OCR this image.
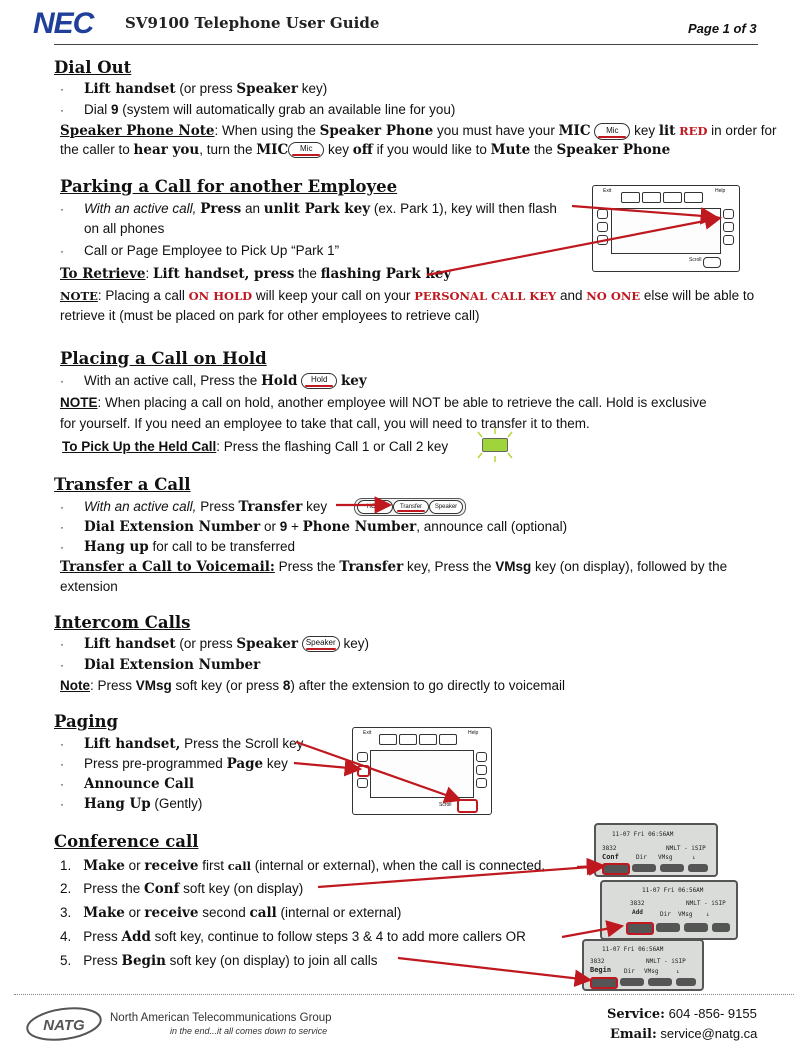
NEC SV9100 Telephone User Guide	Page 1 of 3
Dial Out
· Lift handset (or press Speaker key)
· Dial 9 (system will automatically grab an available line for you)
Speaker Phone Note: When using the Speaker Phone you must have your MIC Mic
key lit RED in order for
the caller to hear you, turn the MIC Mic
key off if you would like to Mute the Speaker Phone
Parking a Call for another Employee
· With an active call, Press an unlit Park key (ex. Park 1), key will then flash
on all phones
· Call or Page Employee to Pick Up “Park 1”
To Retrieve: Lift handset, press the flashing Park key
NOTE: Placing a call ON HOLD will keep your call on your PERSONAL CALL KEY and NO ONE else will be able to
retrieve it (must be placed on park for other employees to retrieve call)
Exit	Help
Scroll
Placing a Call on Hold
· With an active call, Press the Hold Hold key
NOTE: When placing a call on hold, another employee will NOT be able to retrieve the call. Hold is exclusive
for yourself. If you need an employee to take that call, you will need to transfer it to them.
To Pick Up the Held Call: Press the flashing Call 1 or Call 2 key
Transfer a Call
· With an active call, Press Transfer key	HOLD	Transfer	Speaker
· Dial Extension Number or 9 + Phone Number, announce call (optional)
· Hang up for call to be transferred
Transfer a Call to Voicemail: Press the Transfer key, Press the VMsg key (on display), followed by the
extension
Intercom Calls
· Lift handset (or press Speaker Speaker
key)
· Dial Extension Number
Note: Press VMsg soft key (or press 8) after the extension to go directly to voicemail
Paging
· Lift handset, Press the Scroll key
· Press pre-programmed Page key
· Announce Call
· Hang Up (Gently)
Exit	Help
Scroll
Conference call
1. Make or receive first call (internal or external), when the call is connected,
2. Press the Conf soft key (on display)
3. Make or receive second call (internal or external)
4. Press Add soft key, continue to follow steps 3 & 4 to add more callers OR
5. Press Begin soft key (on display) to join all calls
11-07 Fri 06:56AM
3832	NMLT - iSIP
Conf	Dir VMsg	↓
11-07 Fri 06:56AM
3832	NMLT - iSIP
Add	Dir VMsg ↓
11-07 Fri 06:56AM
3832	NMLT - iSIP
Begin Dir VMsg	↓
NATG North American Telecommunications Group
in the end...it all comes down to service
Service: 604 -856- 9155
Email: service@natg.ca
